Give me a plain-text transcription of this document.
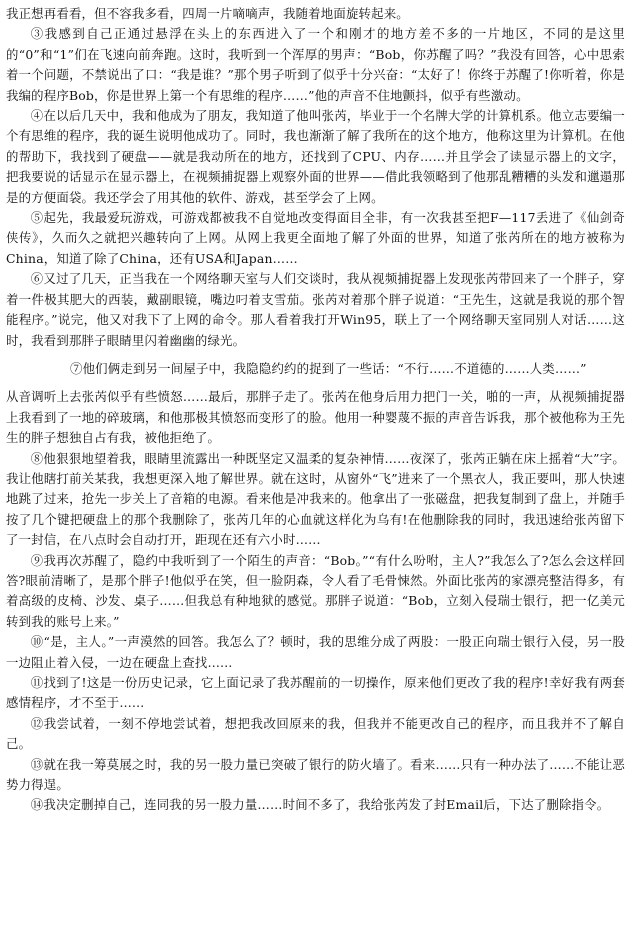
我正想再看看，但不容我多看，四周一片嘀嘀声，我随着地面旋转起来。

③我感到自己正通过悬浮在头上的东西进入了一个和刚才的地方差不多的一片地区，不同的是这里的“0”和“1”们在飞速向前奔跑。这时，我听到一个浑厚的男声：“Bob，你苏醒了吗？”我没有回答，心中思索着一个问题，不禁说出了口：“我是谁？”那个男子听到了似乎十分兴奋：“太好了！你终于苏醒了!你听着，你是我编的程序Bob，你是世界上第一个有思维的程序……”他的声音不住地颤抖，似乎有些激动。

④在以后几天中，我和他成为了朋友，我知道了他叫张芮，毕业于一个名牌大学的计算机系。他立志要编一个有思维的程序，我的诞生说明他成功了。同时，我也渐渐了解了我所在的这个地方，他称这里为计算机。在他的帮助下，我找到了硬盘——就是我动所在的地方，还找到了CPU、内存……并且学会了读显示器上的文字，把我要说的话显示在显示器上，在视频捕捉器上观察外面的世界——借此我领略到了他那乱糟糟的头发和邋遢那是的方便面袋。我还学会了用其他的软件、游戏，甚至学会了上网。

⑤起先，我最爱玩游戏，可游戏都被我不自觉地改变得面目全非，有一次我甚至把F—117丢进了《仙剑奇侠传》，久而久之就把兴趣转向了上网。从网上我更全面地了解了外面的世界，知道了张芮所在的地方被称为China，知道了除了China，还有USA和Japan……

⑥又过了几天，正当我在一个网络聊天室与人们交谈时，我从视频捕捉器上发现张芮带回来了一个胖子，穿着一件极其肥大的西装，戴副眼镜，嘴边叼着支雪茄。张芮对着那个胖子说道：“王先生，这就是我说的那个智能程序。”说完，他又对我下了上网的命令。那人看着我打开Win95，联上了一个网络聊天室同别人对话……这时，我看到那胖子眼睛里闪着幽幽的绿光。

⑦他们俩走到另一间屋子中，我隐隐约约的捉到了一些话：“不行……不道德的……人类……”

从音调听上去张芮似乎有些愤怒……最后，那胖子走了。张芮在他身后用力把门一关，啪的一声，从视频捕捉器上我看到了一地的碎玻璃，和他那极其愤怒而变形了的脸。他用一种婴蔑不振的声音告诉我，那个被他称为王先生的胖子想独自占有我，被他拒绝了。

⑧他狠狠地望着我，眼睛里流露出一种既坚定又温柔的复杂神情……夜深了，张芮正躺在床上摇着“大”字。我让他瞎打前关某我，我想更深入地了解世界。就在这时，从窗外“飞”进来了一个黑衣人，我正要叫，那人快速地跳了过来，抢先一步关上了音箱的电源。看来他是冲我来的。他拿出了一张磁盘，把我复制到了盘上，并随手按了几个键把硬盘上的那个我删除了，张芮几年的心血就这样化为乌有!在他删除我的同时，我迅速给张芮留下了一封信，在八点时会自动打开，距现在还有六小时……

⑨我再次苏醒了，隐约中我听到了一个陌生的声音：“Bob。”“有什么吩咐，主人?”我怎么了?怎么会这样回答?眼前清晰了，是那个胖子!他似乎在笑，但一脸阴森，令人看了毛骨悚然。外面比张芮的家漂亮整洁得多，有着高级的皮椅、沙发、桌子……但我总有种地狱的感觉。那胖子说道：“Bob，立刻入侵瑞士银行，把一亿美元转到我的账号上来。”

⑩“是，主人。”一声漠然的回答。我怎么了？顿时，我的思维分成了两股：一股正向瑞士银行入侵，另一股一边阻止着入侵，一边在硬盘上查找……

⑪找到了!这是一份历史记录，它上面记录了我苏醒前的一切操作，原来他们更改了我的程序!幸好我有两套感情程序，才不至于……

⑫我尝试着，一刻不停地尝试着，想把我改回原来的我，但我并不能更改自己的程序，而且我并不了解自己。

⑬就在我一筹莫展之时，我的另一股力量已突破了银行的防火墙了。看来……只有一种办法了……不能让恶势力得逞。

⑭我决定删掉自己，连同我的另一股力量……时间不多了，我给张芮发了封Email后，下达了删除指令。
